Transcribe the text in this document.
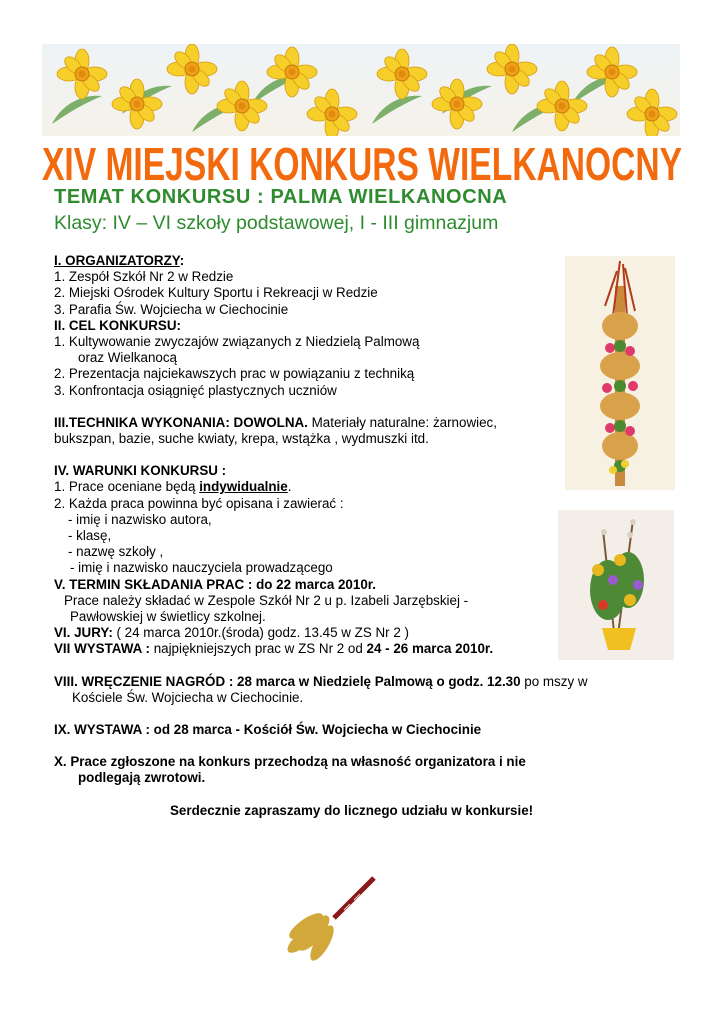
XIV MIEJSKI KONKURS WIELKANOCNY
TEMAT KONKURSU : PALMA WIELKANOCNA
Klasy: IV – VI szkoły podstawowej, I - III gimnazjum

I. ORGANIZATORZY:

1. Zespół Szkół Nr 2 w Redzie

2. Miejski Ośrodek Kultury Sportu i Rekreacji w Redzie

3. Parafia Św. Wojciecha w Ciechocinie

II. CEL KONKURSU:

1. Kultywowanie zwyczajów związanych z Niedzielą Palmową

oraz Wielkanocą

2. Prezentacja najciekawszych prac w powiązaniu z techniką

3. Konfrontacja osiągnięć plastycznych uczniów

III.TECHNIKA WYKONANIA: DOWOLNA. Materiały naturalne: żarnowiec,

bukszpan, bazie, suche kwiaty, krepa, wstążka , wydmuszki itd.

IV. WARUNKI KONKURSU :

1. Prace oceniane będą indywidualnie.

2. Każda praca powinna być opisana i zawierać :

- imię i nazwisko autora,

- klasę,

- nazwę szkoły ,

- imię i nazwisko nauczyciela prowadzącego

V. TERMIN SKŁADANIA PRAC : do 22 marca 2010r.

Prace należy składać w Zespole Szkół Nr 2 u p. Izabeli Jarzębskiej -

Pawłowskiej w świetlicy szkolnej.

VI. JURY: ( 24 marca 2010r.(środa) godz. 13.45 w ZS Nr 2 )

VII WYSTAWA : najpiękniejszych prac w ZS Nr 2 od 24 - 26 marca 2010r.

VIII. WRĘCZENIE NAGRÓD : 28 marca w Niedzielę Palmową o godz. 12.30 po mszy w

Kościele Św. Wojciecha w Ciechocinie.

IX. WYSTAWA : od 28 marca - Kościół Św. Wojciecha w Ciechocinie

X. Prace zgłoszone na konkurs przechodzą na własność organizatora i nie

podlegają zwrotowi.

Serdecznie zapraszamy do licznego udziału w konkursie!
